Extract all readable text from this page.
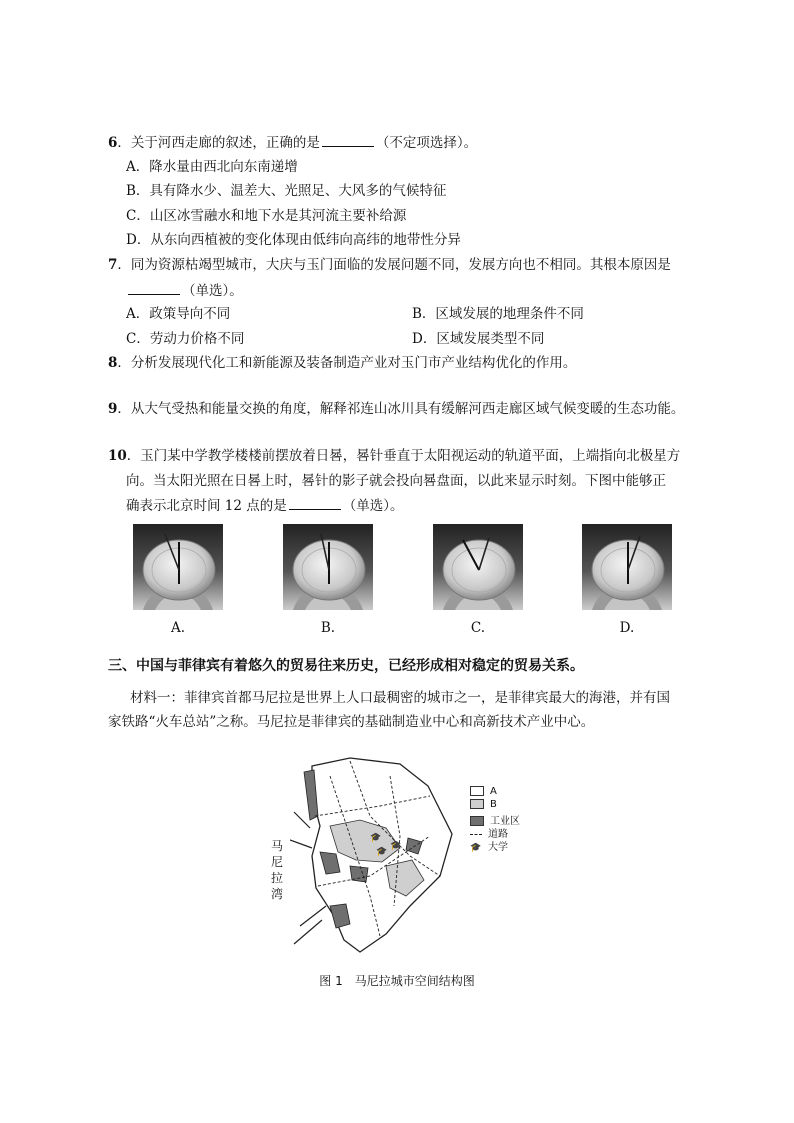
6．关于河西走廊的叙述，正确的是	（不定项选择）。
A．降水量由西北向东南递增
B．具有降水少、温差大、光照足、大风多的气候特征
C．山区冰雪融水和地下水是其河流主要补给源
D．从东向西植被的变化体现由低纬向高纬的地带性分异
7．同为资源枯竭型城市，大庆与玉门面临的发展问题不同，发展方向也不相同。其根本原因是
（单选）。
A．政策导向不同	B．区域发展的地理条件不同
C．劳动力价格不同	D．区域发展类型不同
8．分析发展现代化工和新能源及装备制造产业对玉门市产业结构优化的作用。
9．从大气受热和能量交换的角度，解释祁连山冰川具有缓解河西走廊区域气候变暖的生态功能。
10．玉门某中学教学楼楼前摆放着日晷，晷针垂直于太阳视运动的轨道平面，上端指向北极星方
向。当太阳光照在日晷上时，晷针的影子就会投向晷盘面，以此来显示时刻。下图中能够正
确表示北京时间 12 点的是	（单选）。
A.	B.	C.	D.
三、中国与菲律宾有着悠久的贸易往来历史，已经形成相对稳定的贸易关系。
材料一：菲律宾首都马尼拉是世界上人口最稠密的城市之一，是菲律宾最大的海港，并有国
家铁路“火车总站”之称。马尼拉是菲律宾的基础制造业中心和高新技术产业中心。
🎓
🎓
🎓
马
尼
拉
湾
A
B
工业区
道路
🎓 大学
图 1　马尼拉城市空间结构图
